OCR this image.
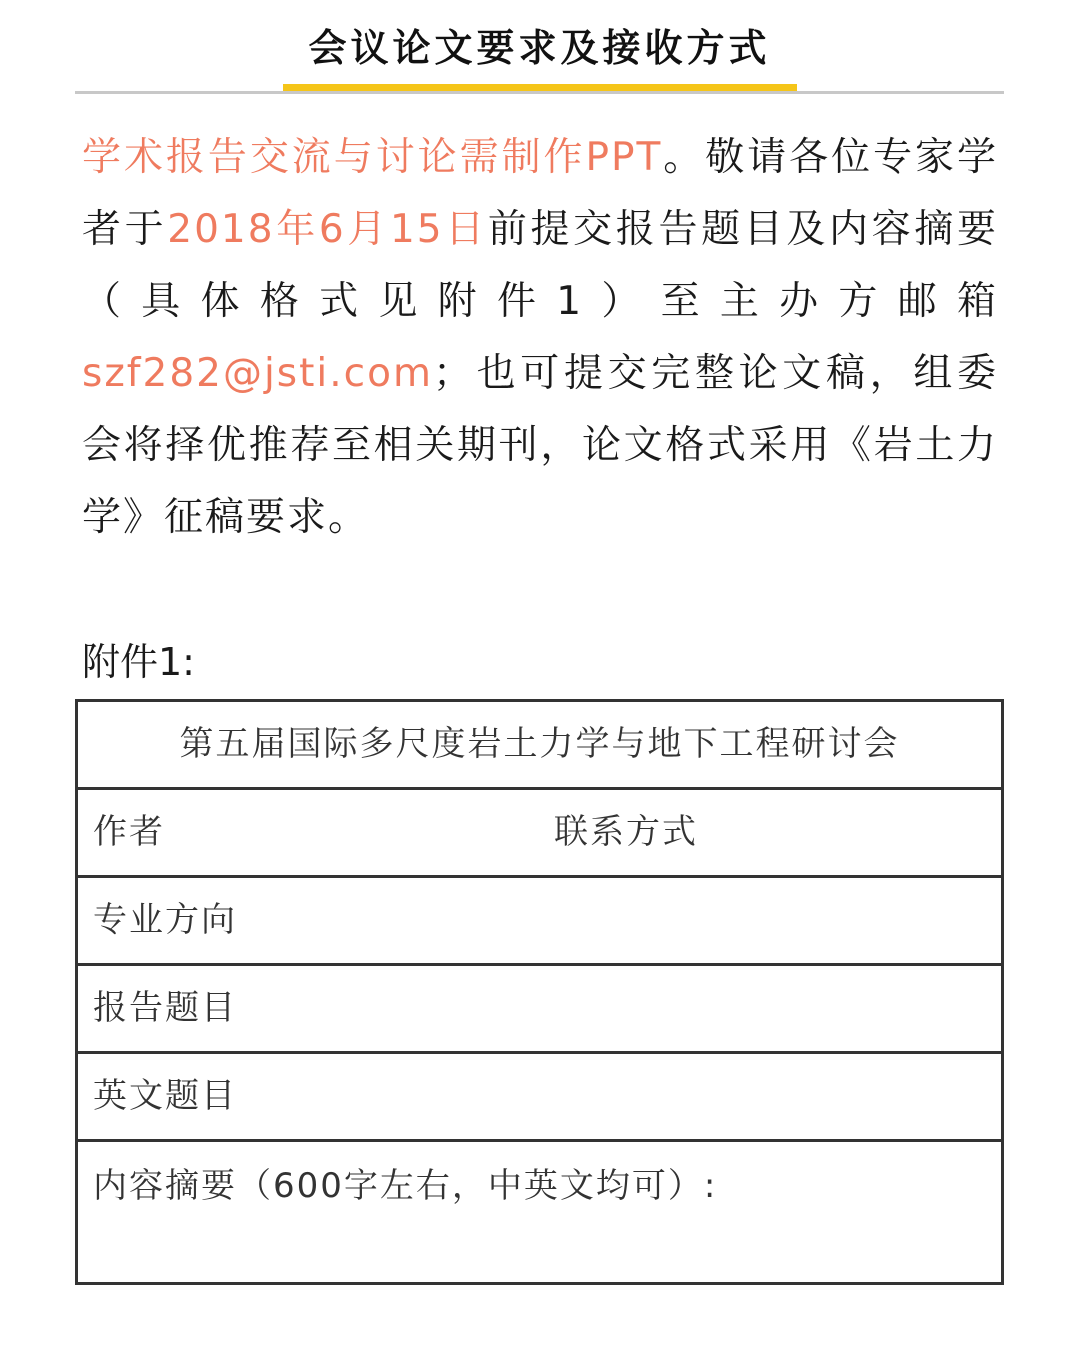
会议论文要求及接收方式
学术报告交流与讨论需制作PPT。敬请各位专家学者于2018年6月15日前提交报告题目及内容摘要（具体格式见附件1）至主办方邮箱szf282@jsti.com；也可提交完整论文稿，组委会将择优推荐至相关期刊，论文格式采用《岩土力学》征稿要求。
附件1:
第五届国际多尺度岩土力学与地下工程研讨会
作者	联系方式
专业方向
报告题目
英文题目
内容摘要（600字左右，中英文均可）:
